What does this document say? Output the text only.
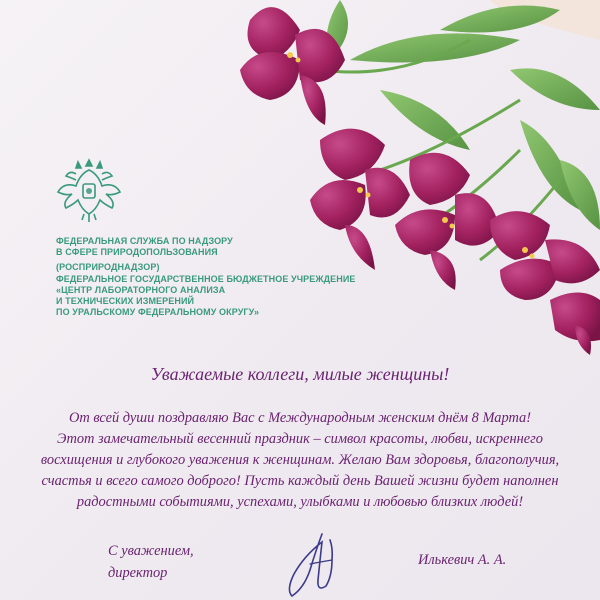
ФЕДЕРАЛЬНАЯ СЛУЖБА ПО НАДЗОРУ
В СФЕРЕ ПРИРОДОПОЛЬЗОВАНИЯ
(РОСПРИРОДНАДЗОР)
ФЕДЕРАЛЬНОЕ ГОСУДАРСТВЕННОЕ БЮДЖЕТНОЕ УЧРЕЖДЕНИЕ
«ЦЕНТР ЛАБОРАТОРНОГО АНАЛИЗА
И ТЕХНИЧЕСКИХ ИЗМЕРЕНИЙ
ПО УРАЛЬСКОМУ ФЕДЕРАЛЬНОМУ ОКРУГУ»
Уважаемые коллеги, милые женщины!
От всей души поздравляю Вас с Международным женским днём 8 Марта!
Этот замечательный весенний праздник – символ красоты, любви, искреннего
восхищения и глубокого уважения к женщинам. Желаю Вам здоровья, благополучия,
счастья и всего самого доброго! Пусть каждый день Вашей жизни будет наполнен
радостными событиями, успехами, улыбками и любовью близких людей!
С уважением,
директор
Илькевич А. А.
